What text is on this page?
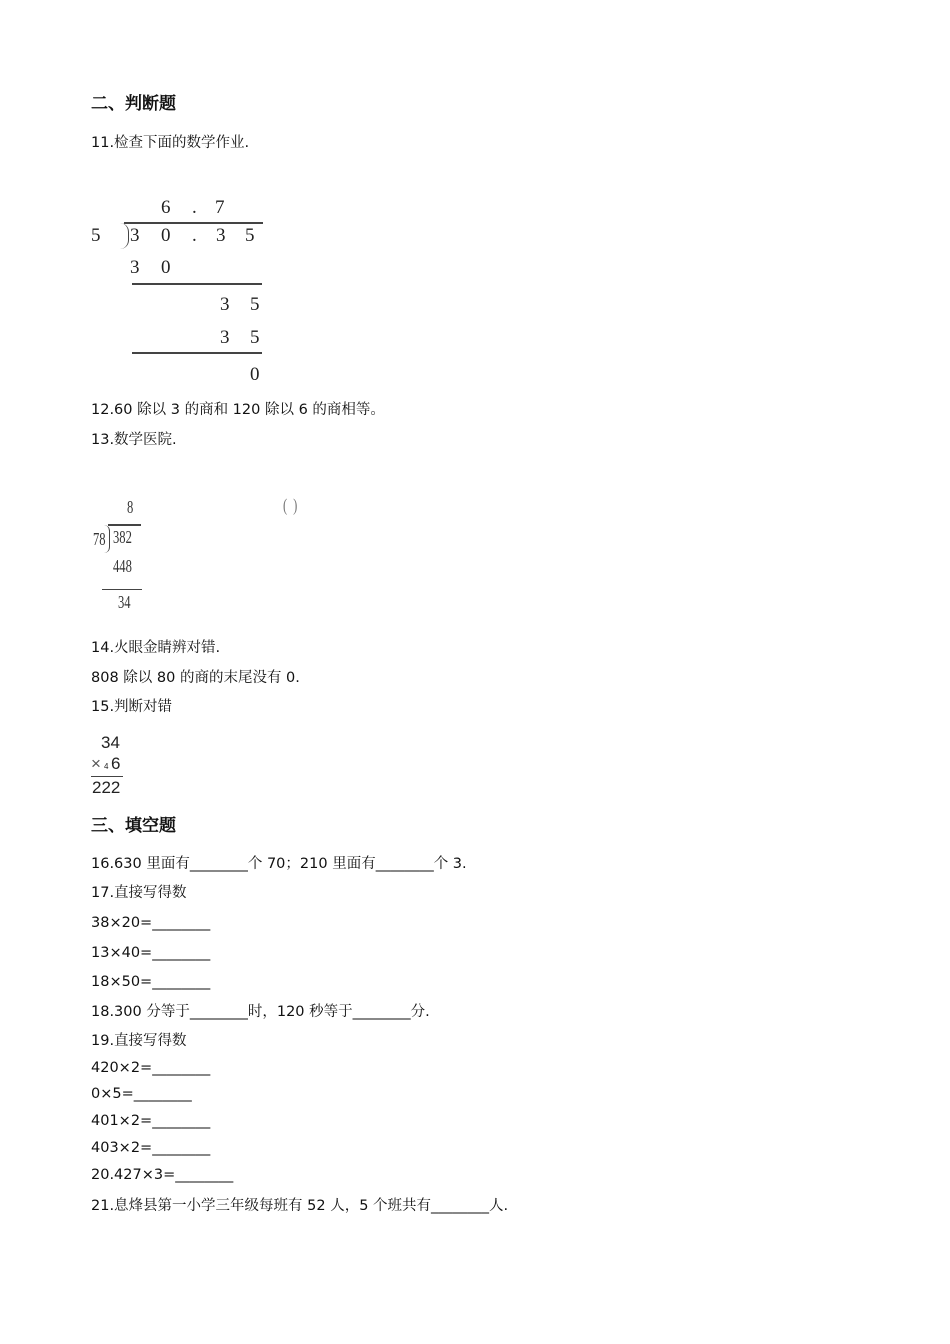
二、判断题
11.检查下面的数学作业.
6 . 7
5 3 0 . 3 5
3 0
3 5
3 5
0
12.60 除以 3 的商和 120 除以 6 的商相等。
13.数学医院.
8
78 382
448
34
( )
14.火眼金睛辨对错.
808 除以 80 的商的末尾没有 0.
15.判断对错
34
× 4 6
222
三、填空题
16.630 里面有________个 70；210 里面有________个 3.
17.直接写得数
38×20=________
13×40=________
18×50=________
18.300 分等于________时，120 秒等于________分.
19.直接写得数
420×2=________
0×5=________
401×2=________
403×2=________
20.427×3=________
21.息烽县第一小学三年级每班有 52 人，5 个班共有________人.
